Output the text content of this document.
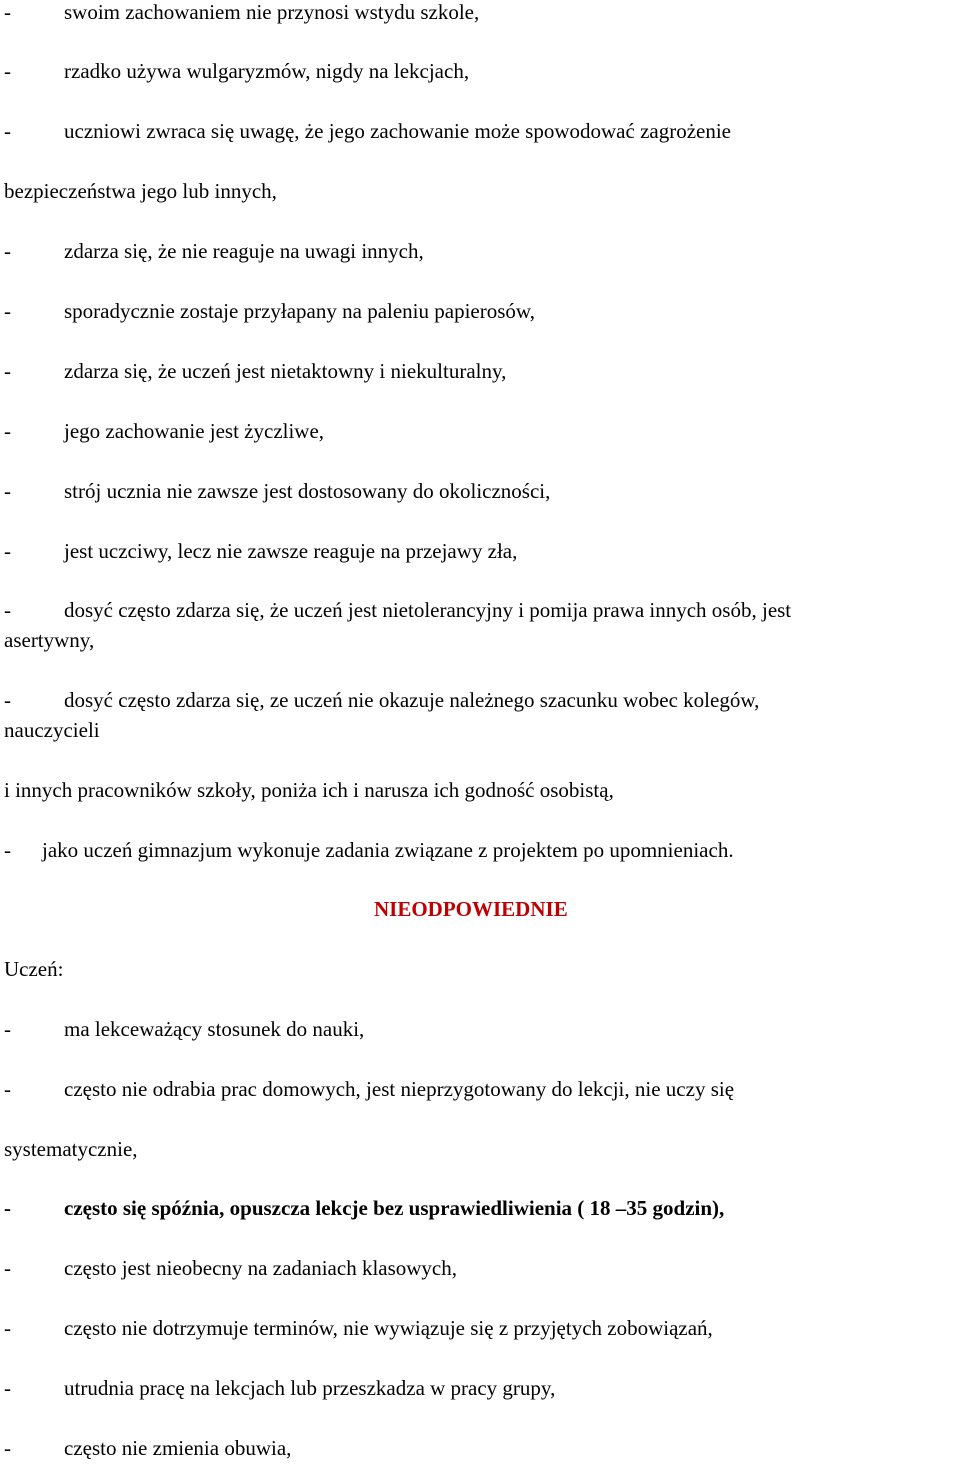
-	swoim zachowaniem nie przynosi wstydu szkole,
-	rzadko używa wulgaryzmów, nigdy na lekcjach,
-	uczniowi zwraca się uwagę, że jego zachowanie może spowodować zagrożenie
bezpieczeństwa jego lub innych,
-	zdarza się, że nie reaguje na uwagi innych,
-	sporadycznie zostaje przyłapany na paleniu papierosów,
-	zdarza się, że uczeń jest nietaktowny i niekulturalny,
-	jego zachowanie jest życzliwe,
-	strój ucznia nie zawsze jest dostosowany do okoliczności,
-	jest uczciwy, lecz nie zawsze reaguje na przejawy zła,
-	dosyć często zdarza się, że uczeń jest nietolerancyjny i pomija prawa innych osób, jest
asertywny,
-	dosyć często zdarza się, ze uczeń nie okazuje należnego szacunku wobec kolegów,
nauczycieli
i innych pracowników szkoły, poniża ich i narusza ich godność osobistą,
- jako uczeń gimnazjum wykonuje zadania związane z projektem po upomnieniach.
NIEODPOWIEDNIE
Uczeń:
-	ma lekceważący stosunek do nauki,
-	często nie odrabia prac domowych, jest nieprzygotowany do lekcji, nie uczy się
systematycznie,
-	często się spóźnia, opuszcza lekcje bez usprawiedliwienia ( 18 –35 godzin),
-	często jest nieobecny na zadaniach klasowych,
-	często nie dotrzymuje terminów, nie wywiązuje się z przyjętych zobowiązań,
-	utrudnia pracę na lekcjach lub przeszkadza w pracy grupy,
-	często nie zmienia obuwia,
